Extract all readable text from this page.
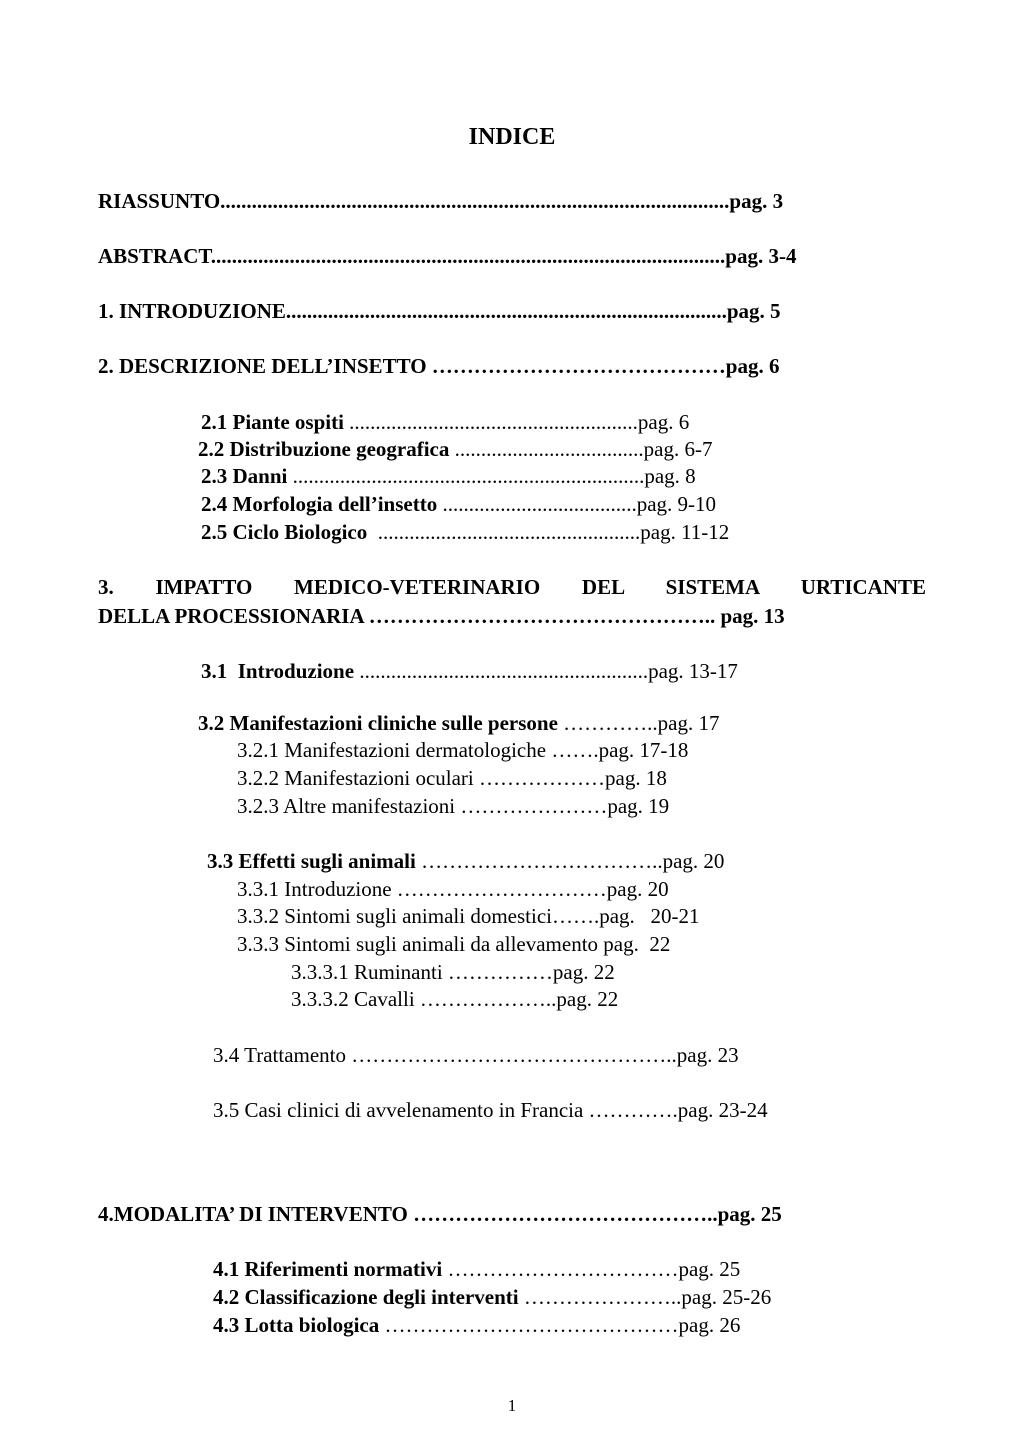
INDICE
RIASSUNTO.................................................................................................pag. 3
ABSTRACT..................................................................................................pag. 3-4
1. INTRODUZIONE....................................................................................pag. 5
2. DESCRIZIONE DELL’INSETTO ……………………………………pag. 6
2.1 Piante ospiti .......................................................pag. 6
2.2 Distribuzione geografica ....................................pag. 6-7
2.3 Danni ...................................................................pag. 8
2.4 Morfologia dell’insetto .....................................pag. 9-10
2.5 Ciclo Biologico  ..................................................pag. 11-12
3. IMPATTO MEDICO-VETERINARIO DEL SISTEMA URTICANTE
DELLA PROCESSIONARIA ………………………………………….. pag. 13
3.1  Introduzione .......................................................pag. 13-17
3.2 Manifestazioni cliniche sulle persone …………..pag. 17
3.2.1 Manifestazioni dermatologiche …….pag. 17-18
3.2.2 Manifestazioni oculari ………………pag. 18
3.2.3 Altre manifestazioni …………………pag. 19
3.3 Effetti sugli animali ……………………………..pag. 20
3.3.1 Introduzione …………………………pag. 20
3.3.2 Sintomi sugli animali domestici…….pag.   20-21
3.3.3 Sintomi sugli animali da allevamento pag.  22
3.3.3.1 Ruminanti ……………pag. 22
3.3.3.2 Cavalli ………………..pag. 22
3.4 Trattamento ………………………………………..pag. 23
3.5 Casi clinici di avvelenamento in Francia ………….pag. 23-24
4.MODALITA’ DI INTERVENTO ……………………………………..pag. 25
4.1 Riferimenti normativi ……………………………pag. 25
4.2 Classificazione degli interventi …………………..pag. 25-26
4.3 Lotta biologica ……………………………………pag. 26
1
